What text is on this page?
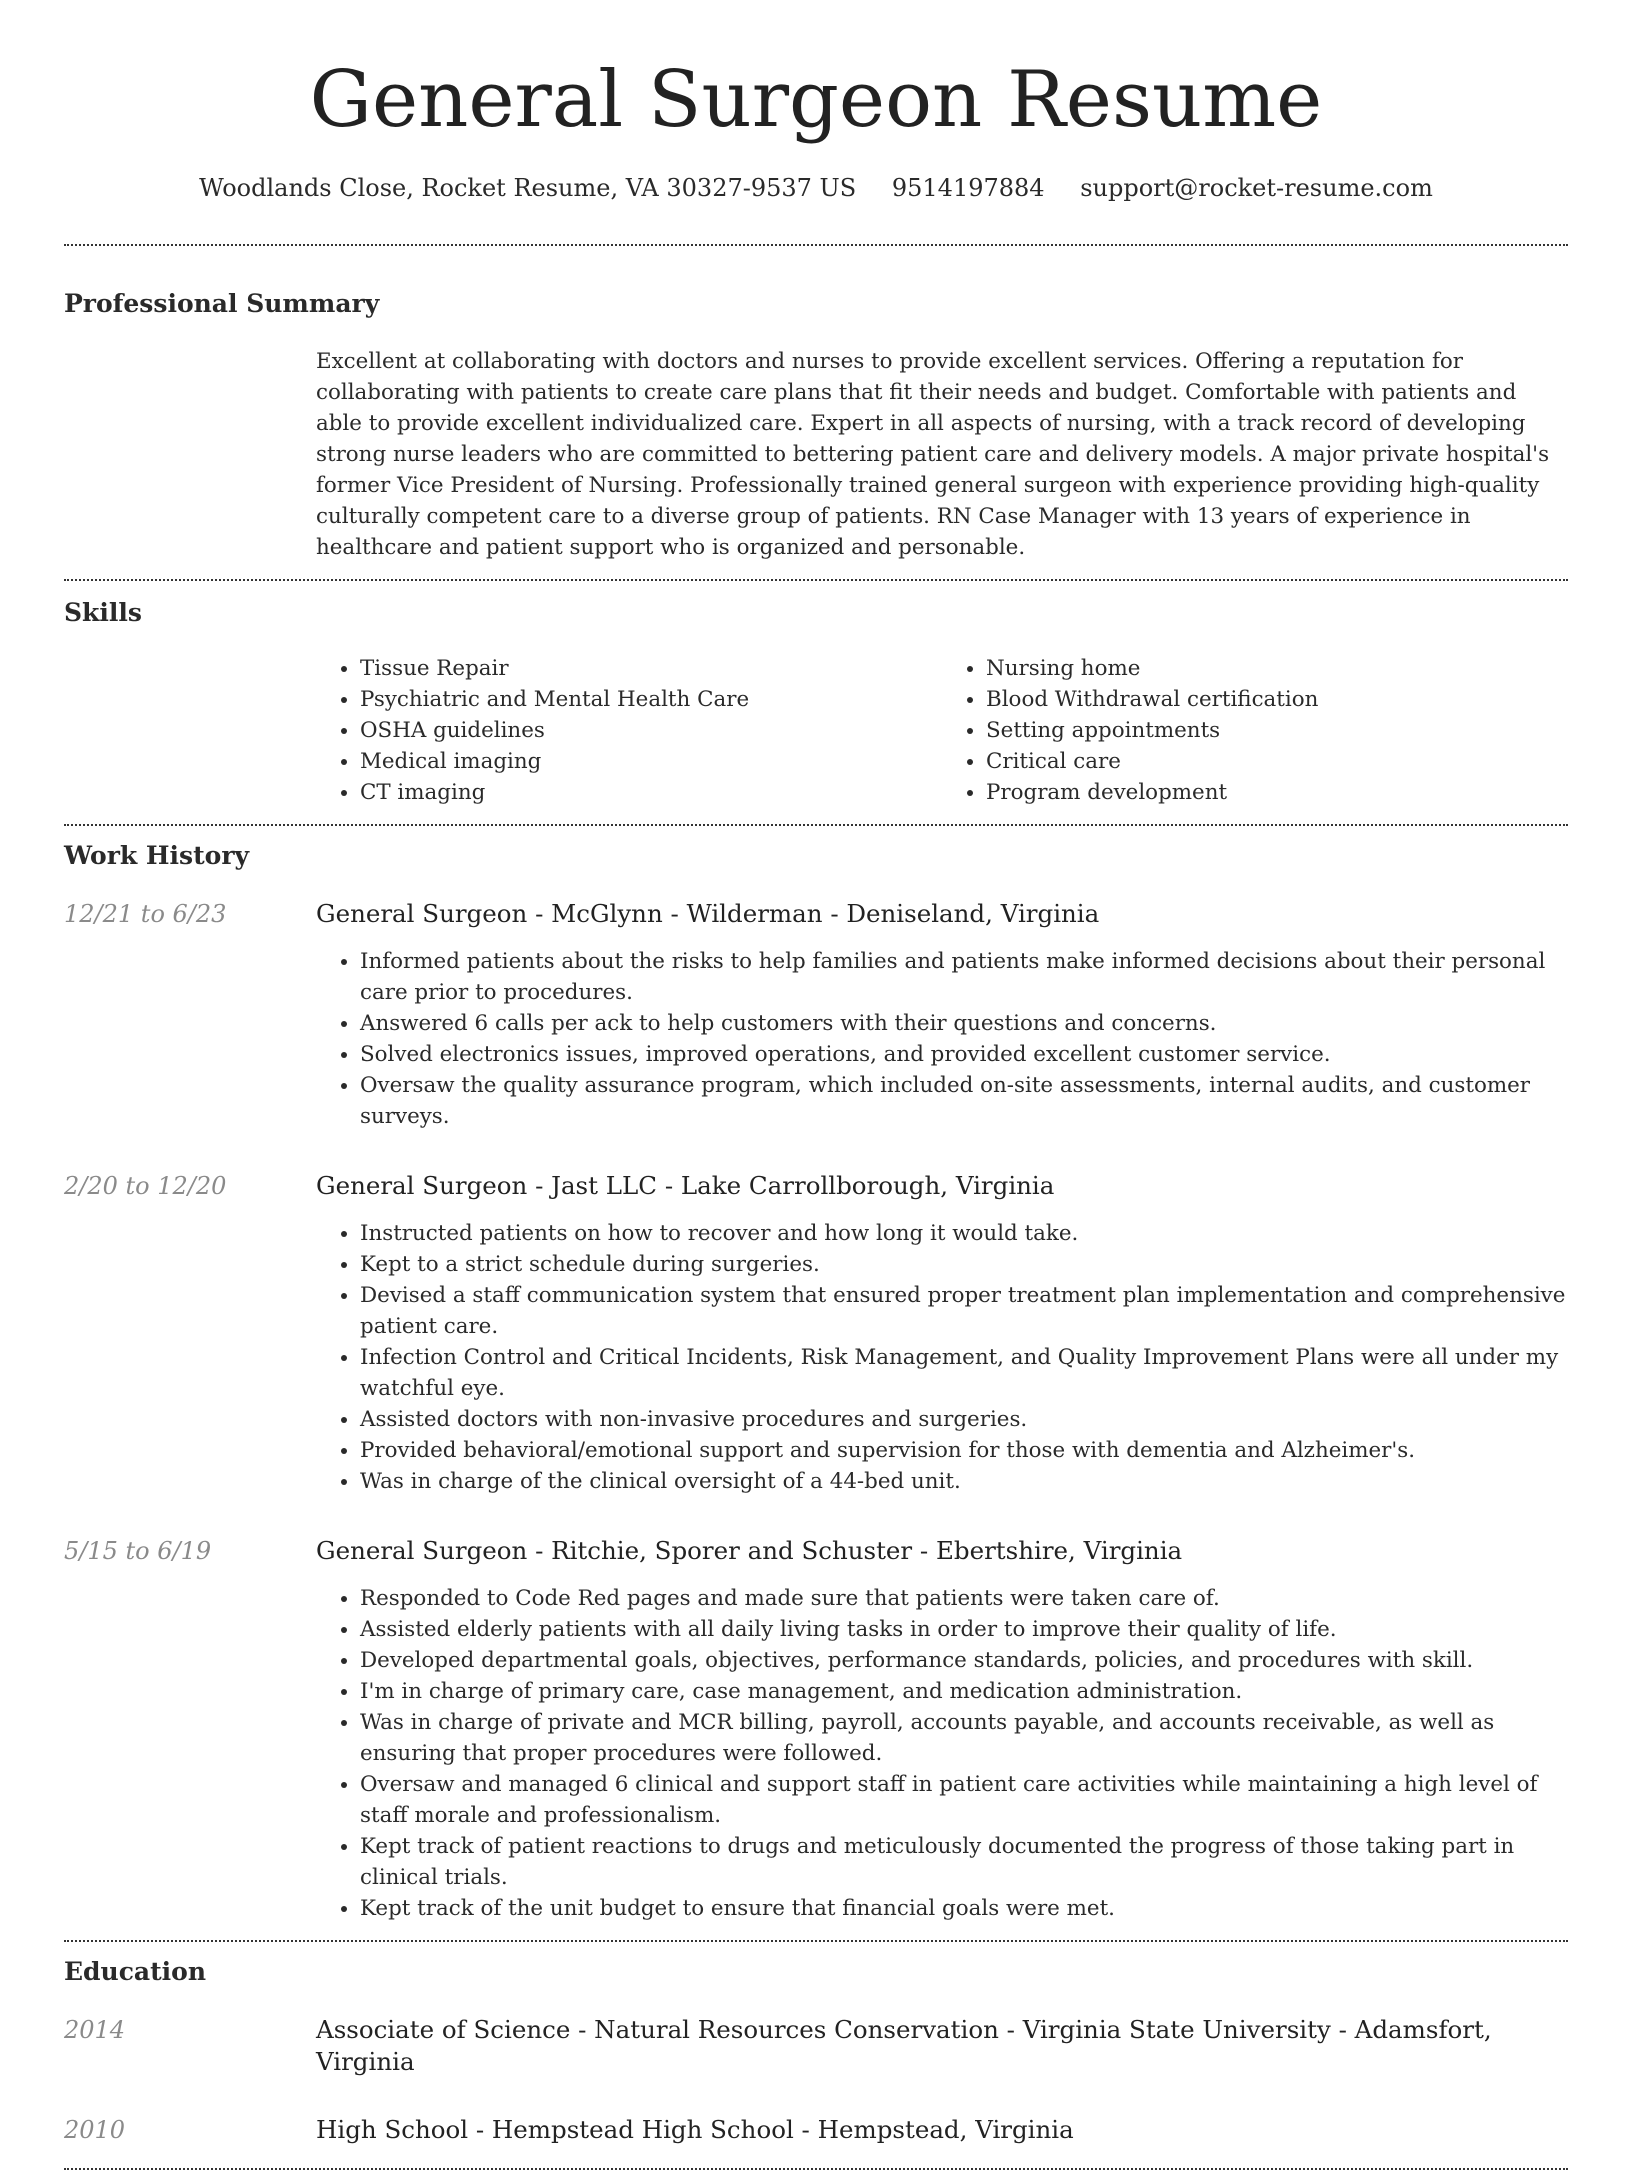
General Surgeon Resume
Woodlands Close, Rocket Resume, VA 30327-9537 US 9514197884 support@rocket-resume.com
Professional Summary
Excellent at collaborating with doctors and nurses to provide excellent services. Offering a reputation for collaborating with patients to create care plans that fit their needs and budget. Comfortable with patients and able to provide excellent individualized care. Expert in all aspects of nursing, with a track record of developing strong nurse leaders who are committed to bettering patient care and delivery models. A major private hospital's former Vice President of Nursing. Professionally trained general surgeon with experience providing high-quality culturally competent care to a diverse group of patients. RN Case Manager with 13 years of experience in healthcare and patient support who is organized and personable.
Skills
• Tissue Repair
• Psychiatric and Mental Health Care
• OSHA guidelines
• Medical imaging
• CT imaging
• Nursing home
• Blood Withdrawal certification
• Setting appointments
• Critical care
• Program development
Work History
12/21 to 6/23	General Surgeon - McGlynn - Wilderman - Deniseland, Virginia
• Informed patients about the risks to help families and patients make informed decisions about their personal care prior to procedures.
• Answered 6 calls per ack to help customers with their questions and concerns.
• Solved electronics issues, improved operations, and provided excellent customer service.
• Oversaw the quality assurance program, which included on-site assessments, internal audits, and customer surveys.
2/20 to 12/20	General Surgeon - Jast LLC - Lake Carrollborough, Virginia
• Instructed patients on how to recover and how long it would take.
• Kept to a strict schedule during surgeries.
• Devised a staff communication system that ensured proper treatment plan implementation and comprehensive patient care.
• Infection Control and Critical Incidents, Risk Management, and Quality Improvement Plans were all under my watchful eye.
• Assisted doctors with non-invasive procedures and surgeries.
• Provided behavioral/emotional support and supervision for those with dementia and Alzheimer's.
• Was in charge of the clinical oversight of a 44-bed unit.
5/15 to 6/19	General Surgeon - Ritchie, Sporer and Schuster - Ebertshire, Virginia
• Responded to Code Red pages and made sure that patients were taken care of.
• Assisted elderly patients with all daily living tasks in order to improve their quality of life.
• Developed departmental goals, objectives, performance standards, policies, and procedures with skill.
• I'm in charge of primary care, case management, and medication administration.
• Was in charge of private and MCR billing, payroll, accounts payable, and accounts receivable, as well as ensuring that proper procedures were followed.
• Oversaw and managed 6 clinical and support staff in patient care activities while maintaining a high level of staff morale and professionalism.
• Kept track of patient reactions to drugs and meticulously documented the progress of those taking part in clinical trials.
• Kept track of the unit budget to ensure that financial goals were met.
Education
2014	Associate of Science - Natural Resources Conservation - Virginia State University - Adamsfort, Virginia
2010	High School - Hempstead High School - Hempstead, Virginia
